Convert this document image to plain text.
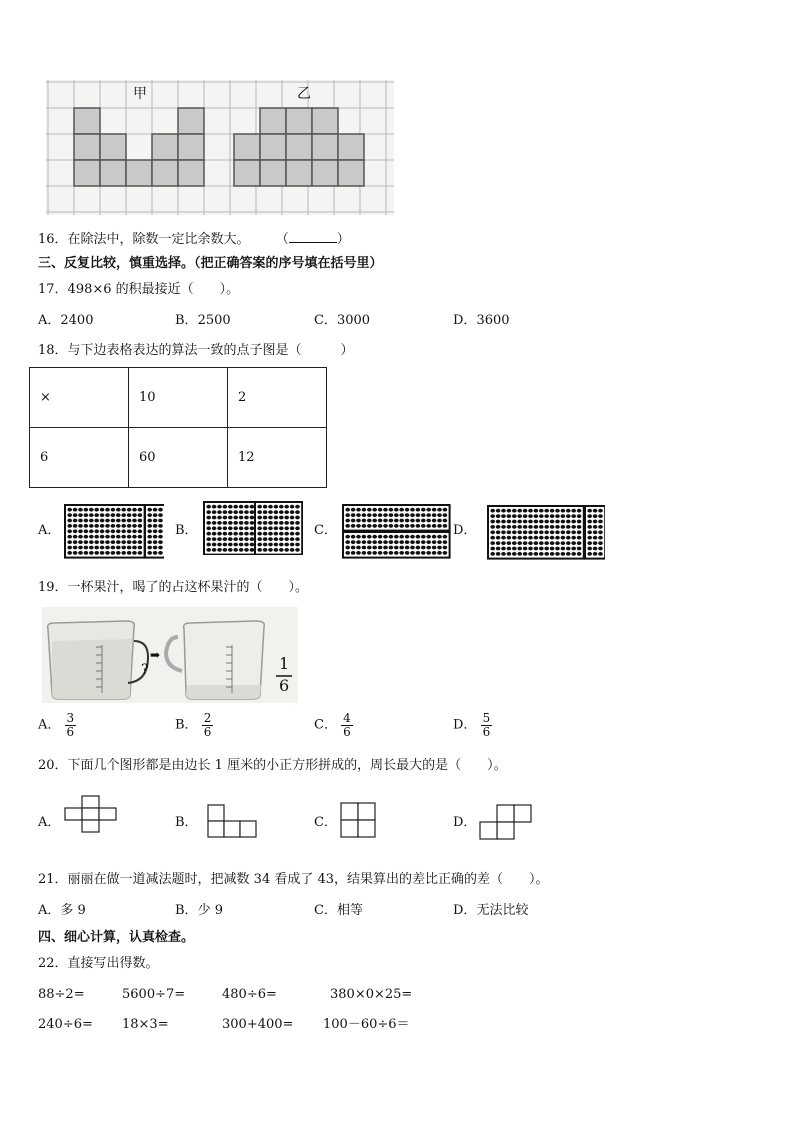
甲	乙
16．在除法中，除数一定比余数大。 （	）
三、反复比较，慎重选择。（把正确答案的序号填在括号里）
17．498×6 的积最接近（　　）。
A．2400	B．2500	C．3000	D．3600
18．与下边表格表达的算法一致的点子图是（　　　）
×	10	2
6	60	12
A．	B．	C．	D．
19．一杯果汁，喝了的占这杯果汁的（　　）。
?
➡	1
6
A． $\frac{3}{6}$	B． $\frac{2}{6}$	C． $\frac{4}{6}$	D． $\frac{5}{6}$
20．下面几个图形都是由边长 1 厘米的小正方形拼成的，周长最大的是（　　）。
A．	B．	C．	D．
21．丽丽在做一道减法题时，把减数 34 看成了 43，结果算出的差比正确的差（　　）。
A．多 9	B．少 9	C．相等	D．无法比较
四、细心计算，认真检查。
22．直接写出得数。
88÷2=	5600÷7=	480÷6=	380×0×25=
240÷6= 18×3=	300+400= 100－60÷6＝
